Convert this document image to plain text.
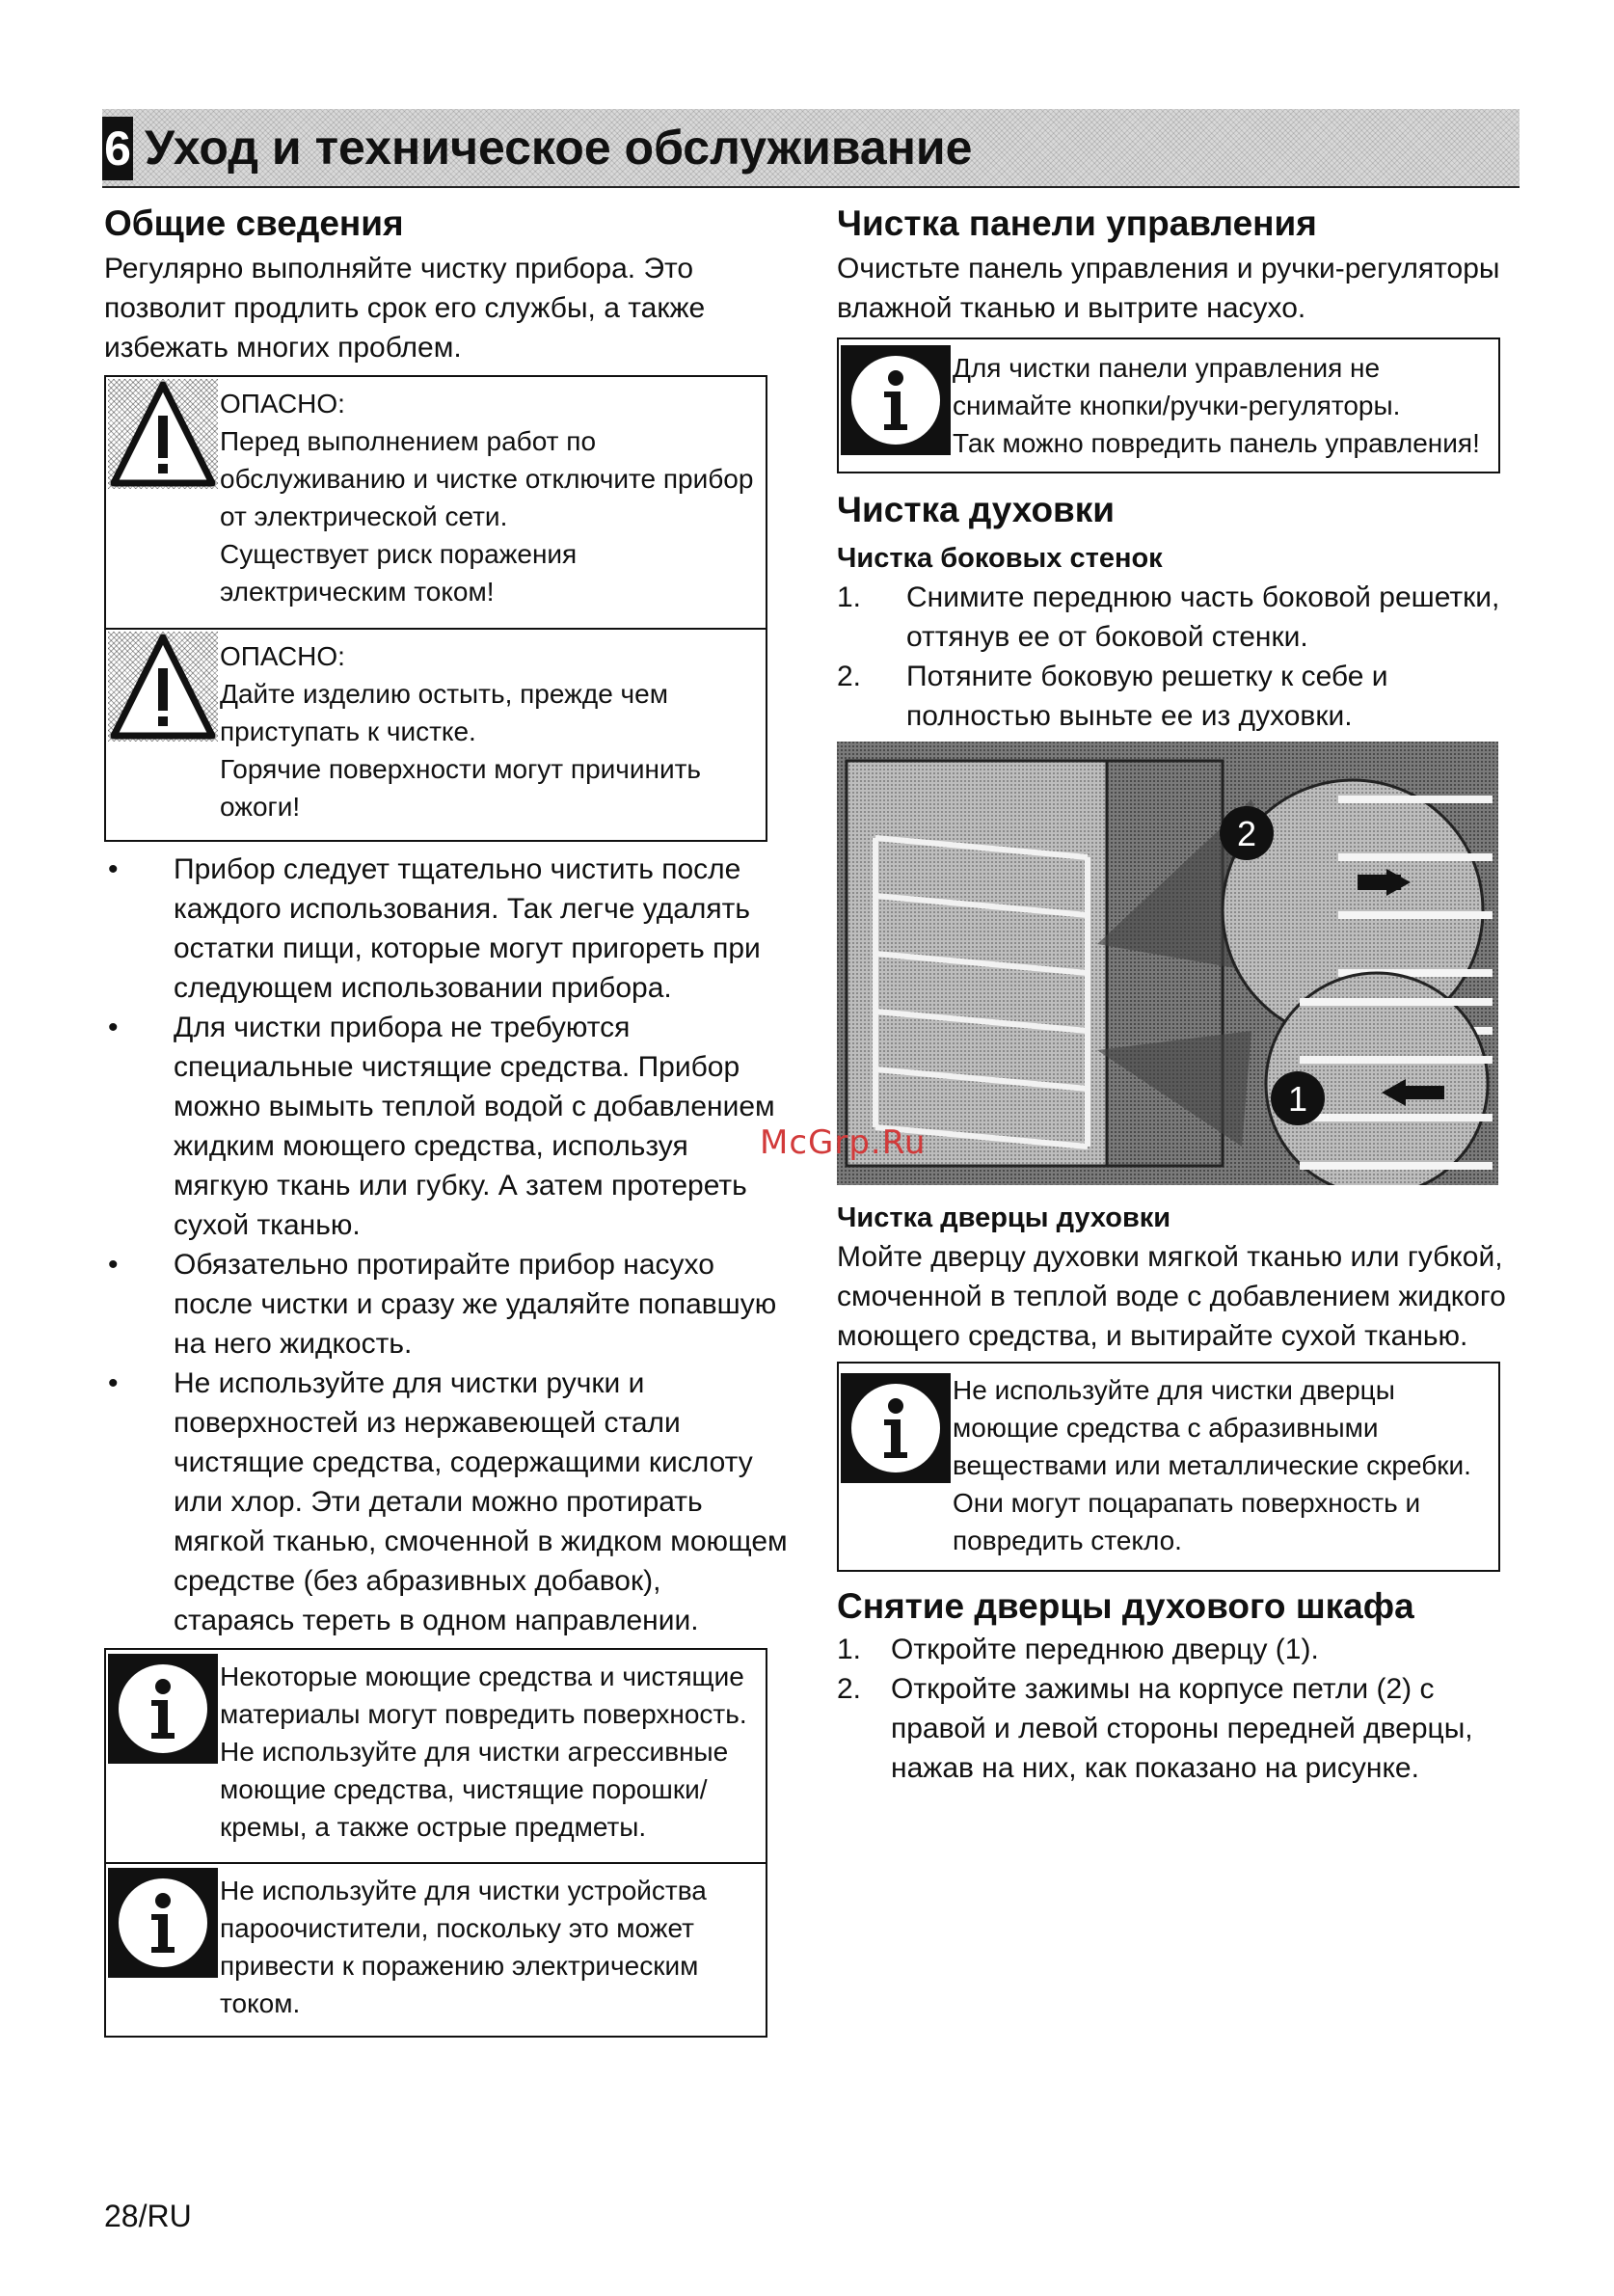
6 Уход и техническое обслуживание
Общие сведения

Регулярно выполняйте чистку прибора. Это позволит продлить срок его службы, а также избежать многих проблем.

ОПАСНО:
Перед выполнением работ по обслуживанию и чистке отключите прибор от электрической сети.
Существует риск поражения электрическим током!
ОПАСНО:
Дайте изделию остыть, прежде чем приступать к чистке.
Горячие поверхности могут причинить ожоги!
•	Прибор следует тщательно чистить после каждого использования. Так легче удалять остатки пищи, которые могут пригореть при следующем использовании прибора.
•	Для чистки прибора не требуются специальные чистящие средства. Прибор можно вымыть теплой водой с добавлением жидким моющего средства, используя мягкую ткань или губку. А затем протереть сухой тканью.
•	Обязательно протирайте прибор насухо после чистки и сразу же удаляйте попавшую на него жидкость.
•	Не используйте для чистки ручки и поверхностей из нержавеющей стали чистящие средства, содержащими кислоту или хлор. Эти детали можно протирать мягкой тканью, смоченной в жидком моющем средстве (без абразивных добавок), стараясь тереть в одном направлении.
Некоторые моющие средства и чистящие материалы могут повредить поверхность.
Не используйте для чистки агрессивные моющие средства, чистящие порошки/кремы, а также острые предметы.
Не используйте для чистки устройства пароочистители, поскольку это может привести к поражению электрическим током.
Чистка панели управления

Очистьте панель управления и ручки-регуляторы влажной тканью и вытрите насухо.

Для чистки панели управления не снимайте кнопки/ручки-регуляторы.
Так можно повредить панель управления!
Чистка духовки
Чистка боковых стенок
1. Снимите переднюю часть боковой решетки, оттянув ее от боковой стенки.
2. Потяните боковую решетку к себе и полностью выньте ее из духовки.
2
1
Чистка дверцы духовки

Мойте дверцу духовки мягкой тканью или губкой, смоченной в теплой воде с добавлением жидкого моющего средства, и вытирайте сухой тканью.

Не используйте для чистки дверцы моющие средства с абразивными веществами или металлические скребки.
Они могут поцарапать поверхность и повредить стекло.
Снятие дверцы духового шкафа
1. Откройте переднюю дверцу (1).
2. Откройте зажимы на корпусе петли (2) с правой и левой стороны передней дверцы, нажав на них, как показано на рисунке.
McGrp.Ru
28/RU
